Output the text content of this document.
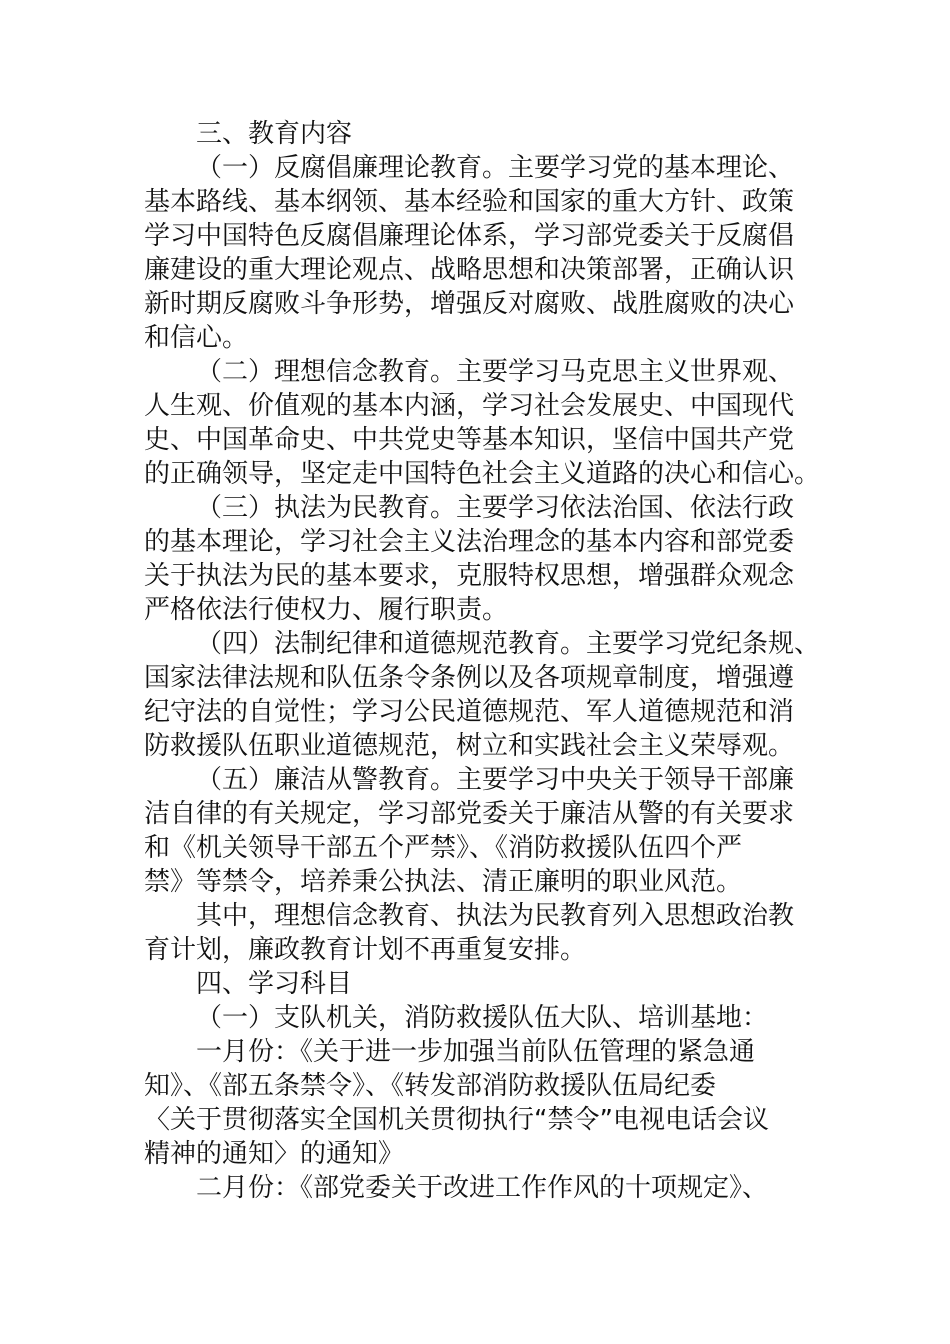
三、教育内容
（一）反腐倡廉理论教育。主要学习党的基本理论、
基本路线、基本纲领、基本经验和国家的重大方针、政策
学习中国特色反腐倡廉理论体系，学习部党委关于反腐倡
廉建设的重大理论观点、战略思想和决策部署，正确认识
新时期反腐败斗争形势，增强反对腐败、战胜腐败的决心
和信心。
（二）理想信念教育。主要学习马克思主义世界观、
人生观、价值观的基本内涵，学习社会发展史、中国现代
史、中国革命史、中共党史等基本知识，坚信中国共产党
的正确领导，坚定走中国特色社会主义道路的决心和信心。
（三）执法为民教育。主要学习依法治国、依法行政
的基本理论，学习社会主义法治理念的基本内容和部党委
关于执法为民的基本要求，克服特权思想，增强群众观念
严格依法行使权力、履行职责。
（四）法制纪律和道德规范教育。主要学习党纪条规、
国家法律法规和队伍条令条例以及各项规章制度，增强遵
纪守法的自觉性；学习公民道德规范、军人道德规范和消
防救援队伍职业道德规范，树立和实践社会主义荣辱观。
（五）廉洁从警教育。主要学习中央关于领导干部廉
洁自律的有关规定，学习部党委关于廉洁从警的有关要求
和《机关领导干部五个严禁》、《消防救援队伍四个严
禁》等禁令，培养秉公执法、清正廉明的职业风范。
其中，理想信念教育、执法为民教育列入思想政治教
育计划，廉政教育计划不再重复安排。
四、学习科目
（一）支队机关，消防救援队伍大队、培训基地：
一月份：《关于进一步加强当前队伍管理的紧急通
知》、《部五条禁令》、《转发部消防救援队伍局纪委
〈关于贯彻落实全国机关贯彻执行“禁令”电视电话会议
精神的通知〉的通知》
二月份：《部党委关于改进工作作风的十项规定》、
